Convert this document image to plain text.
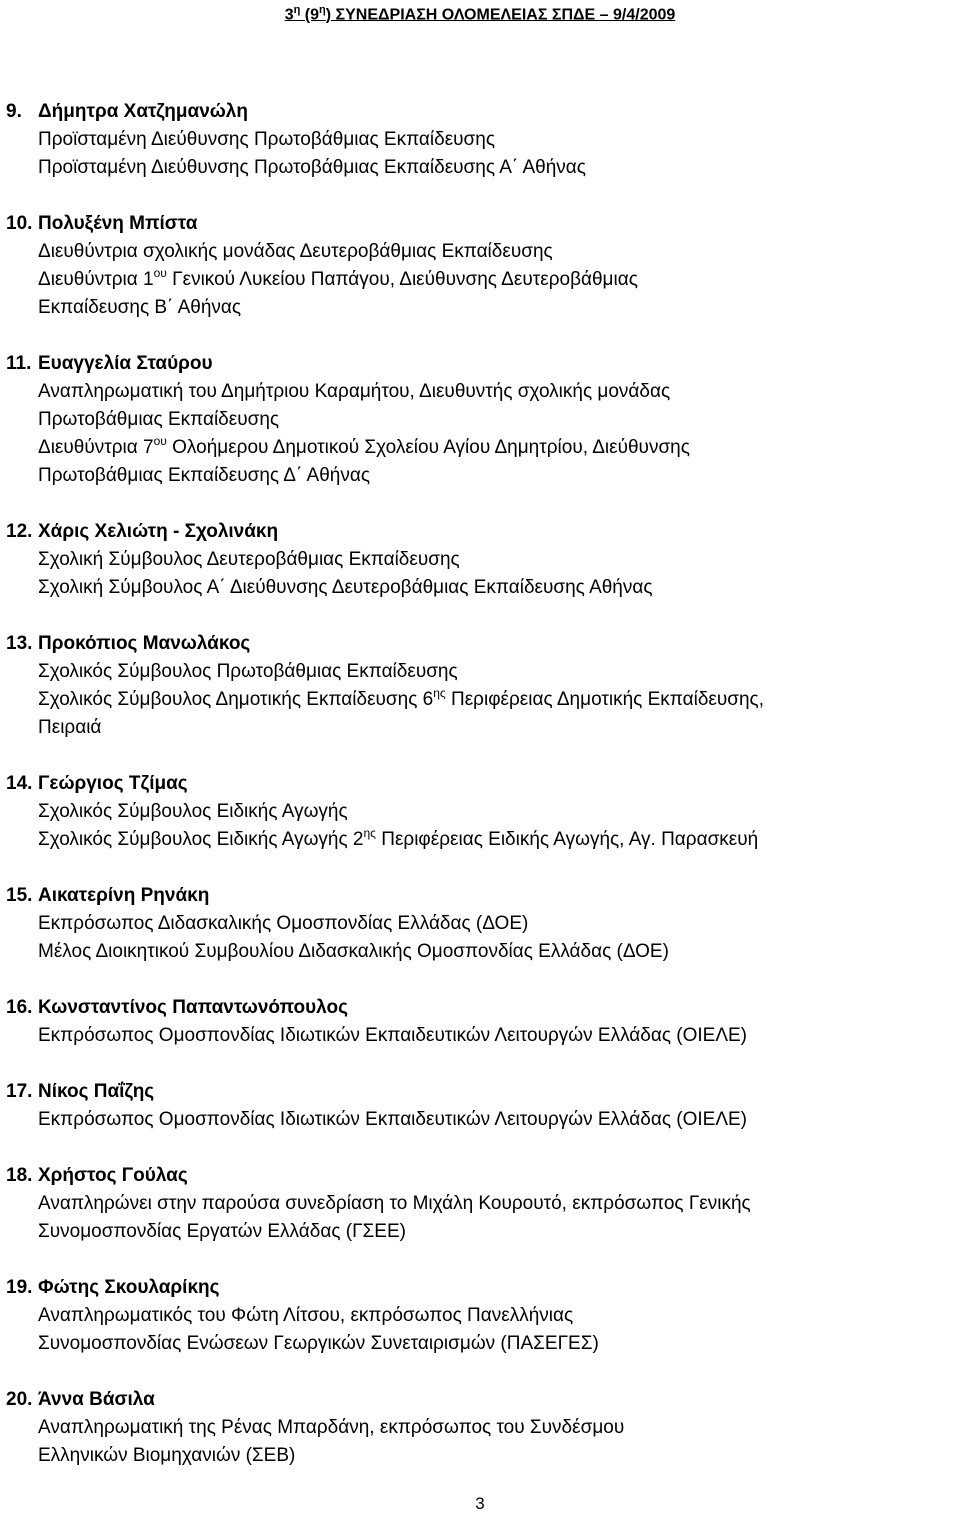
$3^\eta$ $(9^\eta)$ ΣΥΝΕΔΡΙΑΣΗ ΟΛΟΜΕΛΕΙΑΣ ΣΠΔΕ – 9/4/2009
9. Δήμητρα Χατζημανώλη
Προϊσταμένη Διεύθυνσης Πρωτοβάθμιας Εκπαίδευσης
Προϊσταμένη Διεύθυνσης Πρωτοβάθμιας Εκπαίδευσης Α΄ Αθήνας
10. Πολυξένη Μπίστα
Διευθύντρια σχολικής μονάδας Δευτεροβάθμιας Εκπαίδευσης
Διευθύντρια $1^{o\upsilon}$ Γενικού Λυκείου Παπάγου, Διεύθυνσης Δευτεροβάθμιας
Εκπαίδευσης Β΄ Αθήνας
11. Ευαγγελία Σταύρου
Αναπληρωματική του Δημήτριου Καραμήτου, Διευθυντής σχολικής μονάδας
Πρωτοβάθμιας Εκπαίδευσης
Διευθύντρια $7^{o\upsilon}$ Ολοήμερου Δημοτικού Σχολείου Αγίου Δημητρίου, Διεύθυνσης
Πρωτοβάθμιας Εκπαίδευσης Δ΄ Αθήνας
12. Χάρις Χελιώτη - Σχολινάκη
Σχολική Σύμβουλος Δευτεροβάθμιας Εκπαίδευσης
Σχολική Σύμβουλος Α΄ Διεύθυνσης Δευτεροβάθμιας Εκπαίδευσης Αθήνας
13. Προκόπιος Μανωλάκος
Σχολικός Σύμβουλος Πρωτοβάθμιας Εκπαίδευσης
Σχολικός Σύμβουλος Δημοτικής Εκπαίδευσης $6^{\eta\varsigma}$ Περιφέρειας Δημοτικής Εκπαίδευσης,
Πειραιά
14. Γεώργιος Τζίμας
Σχολικός Σύμβουλος Ειδικής Αγωγής
Σχολικός Σύμβουλος Ειδικής Αγωγής $2^{\eta\varsigma}$ Περιφέρειας Ειδικής Αγωγής, Αγ. Παρασκευή
15. Αικατερίνη Ρηνάκη
Εκπρόσωπος Διδασκαλικής Ομοσπονδίας Ελλάδας (ΔΟΕ)
Μέλος Διοικητικού Συμβουλίου Διδασκαλικής Ομοσπονδίας Ελλάδας (ΔΟΕ)
16. Κωνσταντίνος Παπαντωνόπουλος
Εκπρόσωπος Ομοσπονδίας Ιδιωτικών Εκπαιδευτικών Λειτουργών Ελλάδας (ΟΙΕΛΕ)
17. Νίκος Παΐζης
Εκπρόσωπος Ομοσπονδίας Ιδιωτικών Εκπαιδευτικών Λειτουργών Ελλάδας (ΟΙΕΛΕ)
18. Χρήστος Γούλας
Αναπληρώνει στην παρούσα συνεδρίαση το Μιχάλη Κουρουτό, εκπρόσωπος Γενικής
Συνομοσπονδίας Εργατών Ελλάδας (ΓΣΕΕ)
19. Φώτης Σκουλαρίκης
Αναπληρωματικός του Φώτη Λίτσου, εκπρόσωπος Πανελλήνιας
Συνομοσπονδίας Ενώσεων Γεωργικών Συνεταιρισμών (ΠΑΣΕΓΕΣ)
20. Άννα Βάσιλα
Αναπληρωματική της Ρένας Μπαρδάνη, εκπρόσωπος του Συνδέσμου
Ελληνικών Βιομηχανιών (ΣΕΒ)
3
